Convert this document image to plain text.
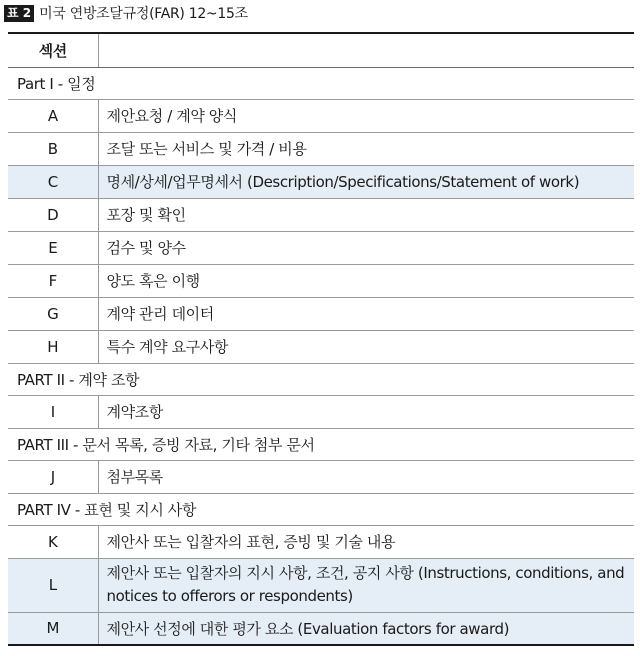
표 2 미국 연방조달규정(FAR) 12~15조
섹션	
Part I - 일정	
A	제안요청 / 계약 양식
B	조달 또는 서비스 및 가격 / 비용
C	명세/상세/업무명세서 (Description/Specifications/Statement of work)
D	포장 및 확인
E	검수 및 양수
F	양도 혹은 이행
G	계약 관리 데이터
H	특수 계약 요구사항
PART II - 계약 조항	
I	계약조항
PART III - 문서 목록, 증빙 자료, 기타 첨부 문서	
J	첨부목록
PART IV - 표현 및 지시 사항	
K	제안사 또는 입찰자의 표현, 증빙 및 기술 내용
L	제안사 또는 입찰자의 지시 사항, 조건, 공지 사항 (Instructions, conditions, and notices to offerors or respondents)
M	제안사 선정에 대한 평가 요소 (Evaluation factors for award)
